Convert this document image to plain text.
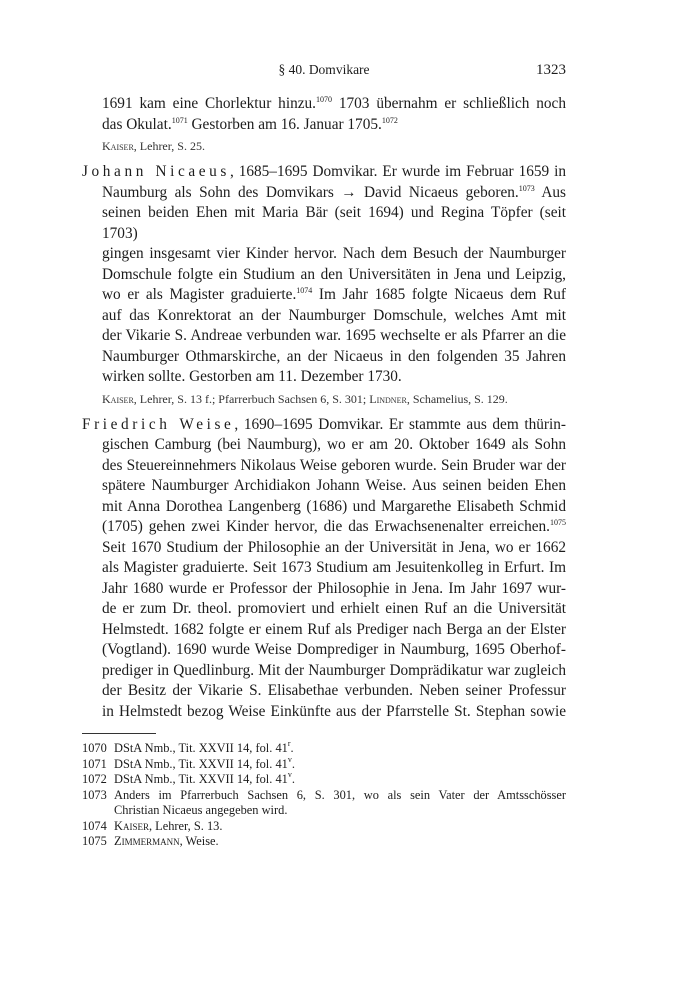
§ 40. Domvikare	1323
1691 kam eine Chorlektur hinzu.$^{1070}$ 1703 übernahm er schließlich noch
das Okulat.$^{1071}$ Gestorben am 16. Januar 1705.$^{1072}$
Kaiser, Lehrer, S. 25.
Johann Nicaeus, 1685–1695 Domvikar. Er wurde im Februar 1659 in
Naumburg als Sohn des Domvikars → David Nicaeus geboren.$^{1073}$ Aus
seinen beiden Ehen mit Maria Bär (seit 1694) und Regina Töpfer (seit 1703)
gingen insgesamt vier Kinder hervor. Nach dem Besuch der Naumburger
Domschule folgte ein Studium an den Universitäten in Jena und Leipzig,
wo er als Magister graduierte.$^{1074}$ Im Jahr 1685 folgte Nicaeus dem Ruf
auf das Konrektorat an der Naumburger Domschule, welches Amt mit
der Vikarie S. Andreae verbunden war. 1695 wechselte er als Pfarrer an die
Naumburger Othmarskirche, an der Nicaeus in den folgenden 35 Jahren
wirken sollte. Gestorben am 11. Dezember 1730.
Kaiser, Lehrer, S. 13 f.; Pfarrerbuch Sachsen 6, S. 301; Lindner, Schamelius, S. 129.
Friedrich Weise, 1690–1695 Domvikar. Er stammte aus dem thürin-
gischen Camburg (bei Naumburg), wo er am 20. Oktober 1649 als Sohn
des Steuereinnehmers Nikolaus Weise geboren wurde. Sein Bruder war der
spätere Naumburger Archidiakon Johann Weise. Aus seinen beiden Ehen
mit Anna Dorothea Langenberg (1686) und Margarethe Elisabeth Schmid
(1705) gehen zwei Kinder hervor, die das Erwachsenenalter erreichen.$^{1075}$
Seit 1670 Studium der Philosophie an der Universität in Jena, wo er 1662
als Magister graduierte. Seit 1673 Studium am Jesuitenkolleg in Erfurt. Im
Jahr 1680 wurde er Professor der Philosophie in Jena. Im Jahr 1697 wur-
de er zum Dr. theol. promoviert und erhielt einen Ruf an die Universität
Helmstedt. 1682 folgte er einem Ruf als Prediger nach Berga an der Elster
(Vogtland). 1690 wurde Weise Domprediger in Naumburg, 1695 Oberhof-
prediger in Quedlinburg. Mit der Naumburger Domprädikatur war zugleich
der Besitz der Vikarie S. Elisabethae verbunden. Neben seiner Professur
in Helmstedt bezog Weise Einkünfte aus der Pfarrstelle St. Stephan sowie
1070 DStA Nmb., Tit. XXVII 14, fol. 41$^r$.
1071 DStA Nmb., Tit. XXVII 14, fol. 41$^v$.
1072 DStA Nmb., Tit. XXVII 14, fol. 41$^v$.
1073 Anders im Pfarrerbuch Sachsen 6, S. 301, wo als sein Vater der Amtsschösser
Christian Nicaeus angegeben wird.
1074 Kaiser, Lehrer, S. 13.
1075 Zimmermann, Weise.
